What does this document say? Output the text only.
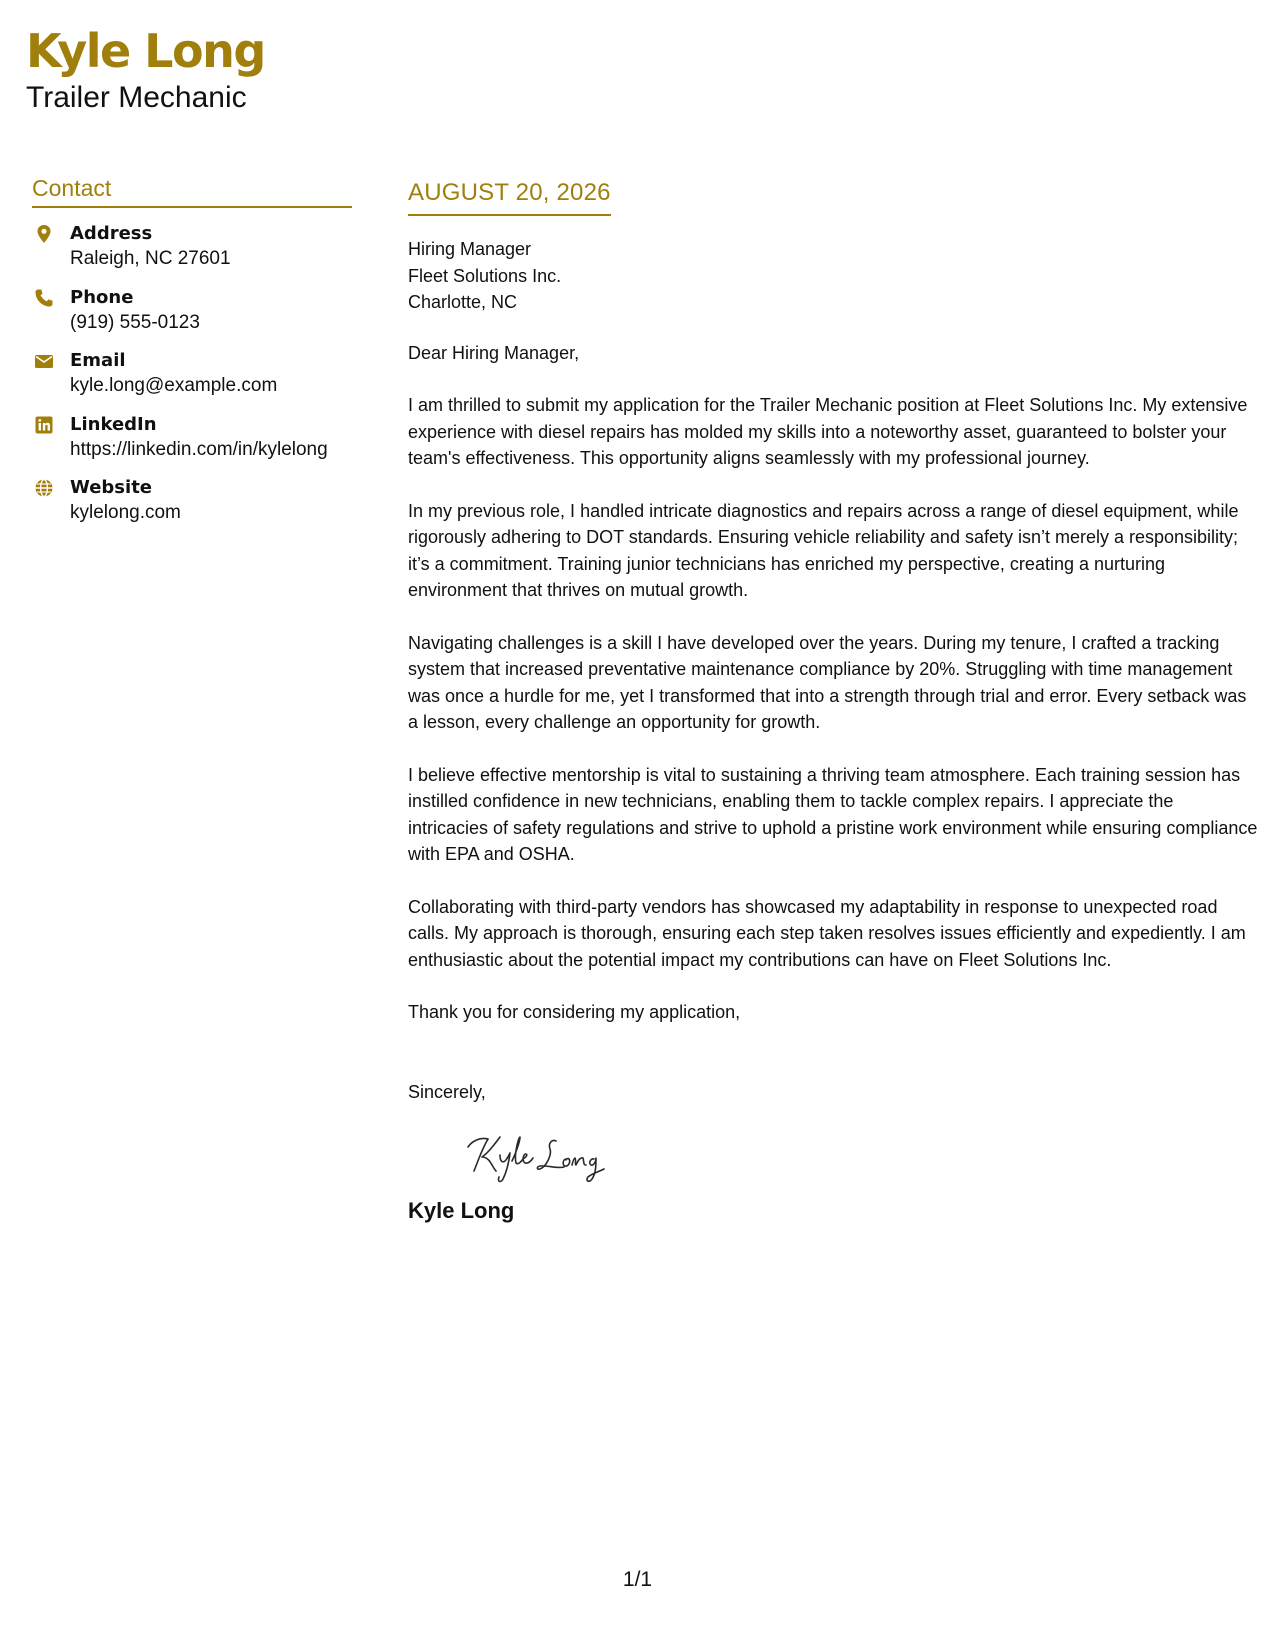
Kyle Long
Trailer Mechanic
Contact
Address
Raleigh, NC 27601
Phone
(919) 555-0123
Email
kyle.long@example.com
LinkedIn
https://linkedin.com/in/kylelong
Website
kylelong.com
AUGUST 20, 2026
Hiring Manager
Fleet Solutions Inc.
Charlotte, NC
Dear Hiring Manager,

I am thrilled to submit my application for the Trailer Mechanic position at Fleet Solutions Inc. My extensive experience with diesel repairs has molded my skills into a noteworthy asset, guaranteed to bolster your team's effectiveness. This opportunity aligns seamlessly with my professional journey.

In my previous role, I handled intricate diagnostics and repairs across a range of diesel equipment, while rigorously adhering to DOT standards. Ensuring vehicle reliability and safety isn’t merely a responsibility; it’s a commitment. Training junior technicians has enriched my perspective, creating a nurturing environment that thrives on mutual growth.

Navigating challenges is a skill I have developed over the years. During my tenure, I crafted a tracking system that increased preventative maintenance compliance by 20%. Struggling with time management was once a hurdle for me, yet I transformed that into a strength through trial and error. Every setback was a lesson, every challenge an opportunity for growth.

I believe effective mentorship is vital to sustaining a thriving team atmosphere. Each training session has instilled confidence in new technicians, enabling them to tackle complex repairs. I appreciate the intricacies of safety regulations and strive to uphold a pristine work environment while ensuring compliance with EPA and OSHA.

Collaborating with third-party vendors has showcased my adaptability in response to unexpected road calls. My approach is thorough, ensuring each step taken resolves issues efficiently and expediently. I am enthusiastic about the potential impact my contributions can have on Fleet Solutions Inc.

Thank you for considering my application,
Sincerely,
Kyle Long
1/1
